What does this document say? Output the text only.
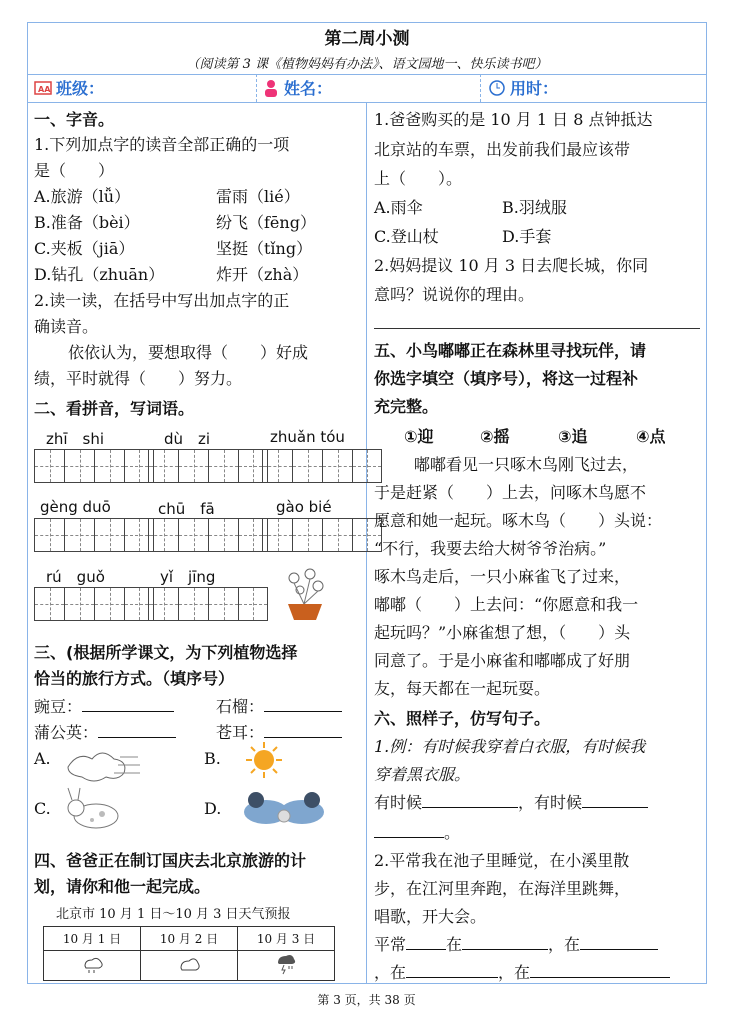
第二周小测
（阅读第 3 课《植物妈妈有办法》、语文园地一、快乐读书吧）
AA 班级：	姓名：	用时：
一、字音。
1.下列加点字的读音全部正确的一项
是（　　）
A.旅游（lǚ）	雷雨（lié）
B.准备（bèi）	纷飞（fēng）
C.夹板（jiā）	坚挺（tǐng）
D.钻孔（zhuān）	炸开（zhà）
2.读一读，在括号中写出加点字的正
确读音。
依依认为，要想取得（　　）好成
绩，平时就得（　　）努力。
二、看拼音，写词语。
zhī　shi	dù　zi	zhuǎn tóu
gèng duō	chū　fā	gào bié
rú　guǒ	yǐ　jīng
三、(根据所学课文，为下列植物选择
恰当的旅行方式。（填序号）
豌豆：	石榴：
蒲公英：	苍耳：
A.	B.
C.	D.
四、爸爸正在制订国庆去北京旅游的计
划，请你和他一起完成。
北京市 10 月 1 日～10 月 3 日天气预报
10 月 1 日	10 月 2 日	10 月 3 日

1.爸爸购买的是 10 月 1 日 8 点钟抵达
北京站的车票，出发前我们最应该带
上（　　）。
A.雨伞	B.羽绒服
C.登山杖	D.手套
2.妈妈提议 10 月 3 日去爬长城，你同
意吗？说说你的理由。
五、小鸟嘟嘟正在森林里寻找玩伴，请
你选字填空（填序号），将这一过程补
充完整。
①迎	②摇	③追	④点
嘟嘟看见一只啄木鸟刚飞过去，
于是赶紧（　　）上去，问啄木鸟愿不
愿意和她一起玩。啄木鸟（　　）头说：
“不行，我要去给大树爷爷治病。”
啄木鸟走后，一只小麻雀飞了过来，
嘟嘟（　　）上去问：“你愿意和我一
起玩吗？”小麻雀想了想，（　　）头
同意了。于是小麻雀和嘟嘟成了好朋
友，每天都在一起玩耍。
六、照样子，仿写句子。
1.例：有时候我穿着白衣服，有时候我
穿着黑衣服。
有时候	，有时候
。
2.平常我在池子里睡觉，在小溪里散
步，在江河里奔跑，在海洋里跳舞，
唱歌，开大会。
平常	在	，在
，在	，在
第 3 页，共 38 页
